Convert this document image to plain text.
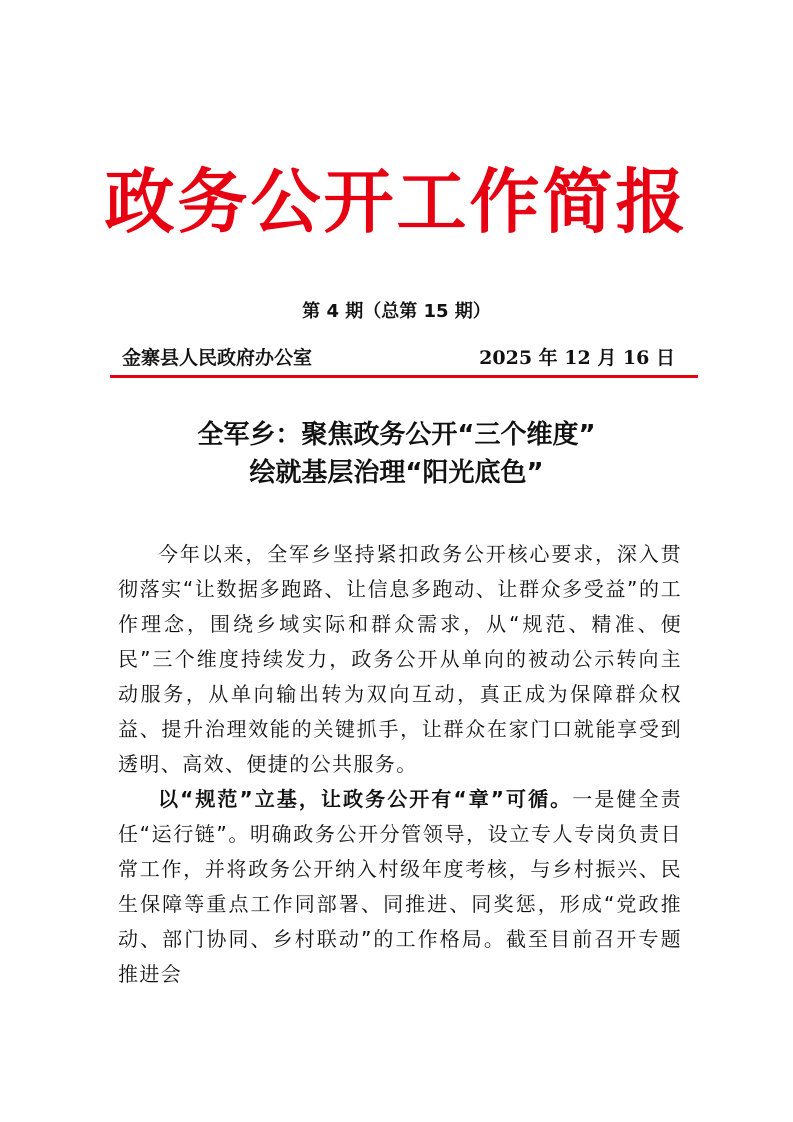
政务公开工作简报
第 4 期（总第 15 期）
金寨县人民政府办公室	2025 年 12 月 16 日
全军乡：聚焦政务公开“三个维度”
绘就基层治理“阳光底色”

今年以来，全军乡坚持紧扣政务公开核心要求，深入贯彻落实“让数据多跑路、让信息多跑动、让群众多受益”的工作理念，围绕乡域实际和群众需求，从“规范、精准、便民”三个维度持续发力，政务公开从单向的被动公示转向主动服务，从单向输出转为双向互动，真正成为保障群众权益、提升治理效能的关键抓手，让群众在家门口就能享受到透明、高效、便捷的公共服务。

以“规范”立基，让政务公开有“章”可循。一是健全责任“运行链”。明确政务公开分管领导，设立专人专岗负责日常工作，并将政务公开纳入村级年度考核，与乡村振兴、民生保障等重点工作同部署、同推进、同奖惩，形成“党政推动、部门协同、乡村联动”的工作格局。截至目前召开专题推进会
